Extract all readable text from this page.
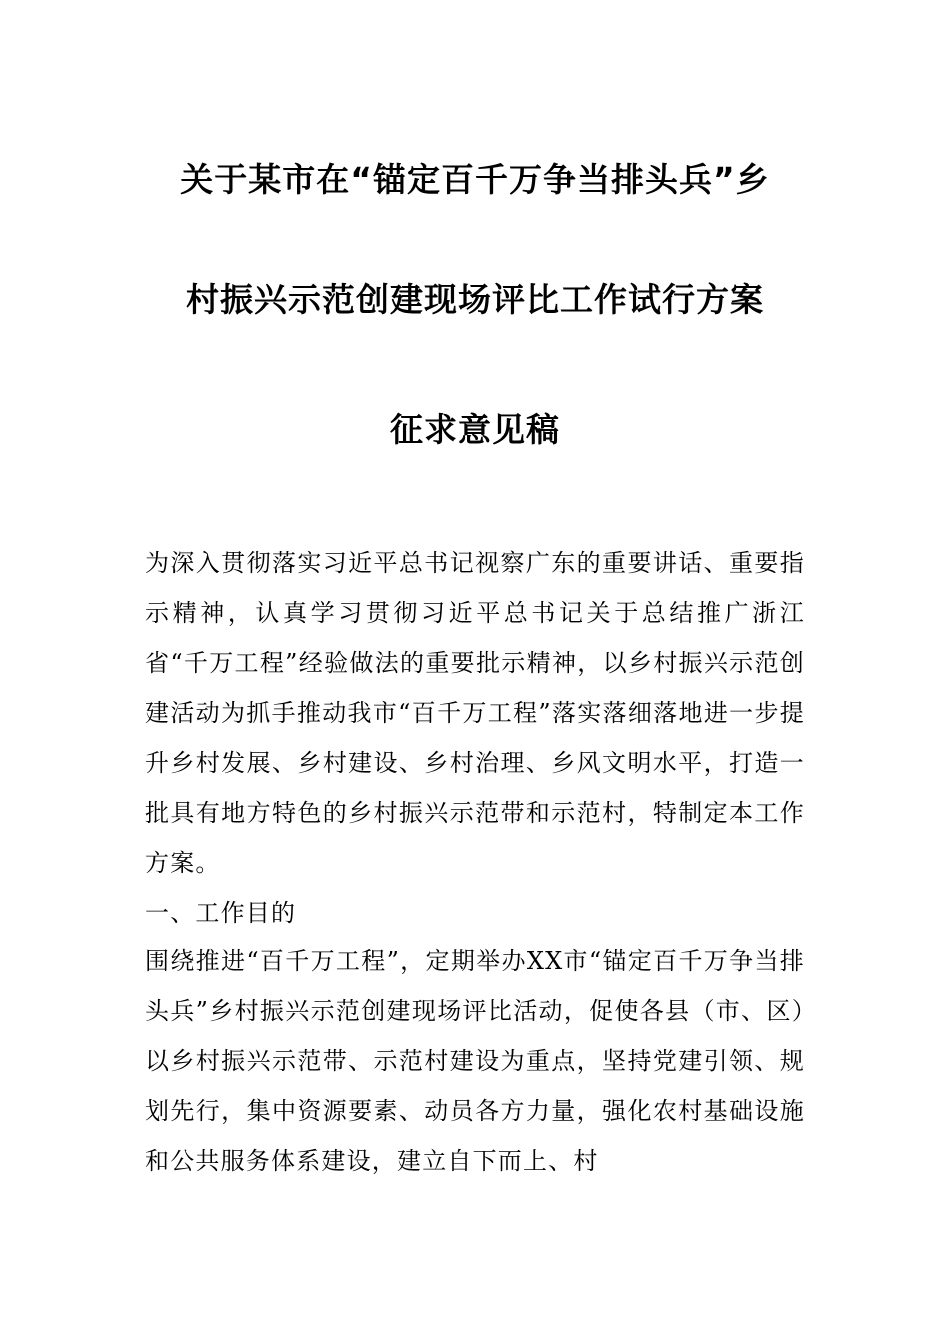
关于某市在“锚定百千万争当排头兵”乡
村振兴示范创建现场评比工作试行方案
征求意见稿
为深入贯彻落实习近平总书记视察广东的重要讲话、重要指示精神，认真学习贯彻习近平总书记关于总结推广浙江省“千万工程”经验做法的重要批示精神，以乡村振兴示范创建活动为抓手推动我市“百千万工程”落实落细落地进一步提升乡村发展、乡村建设、乡村治理、乡风文明水平，打造一批具有地方特色的乡村振兴示范带和示范村，特制定本工作方案。
一、工作目的
围绕推进“百千万工程”，定期举办XX市“锚定百千万争当排头兵”乡村振兴示范创建现场评比活动，促使各县（市、区）以乡村振兴示范带、示范村建设为重点，坚持党建引领、规划先行，集中资源要素、动员各方力量，强化农村基础设施和公共服务体系建设，建立自下而上、村
